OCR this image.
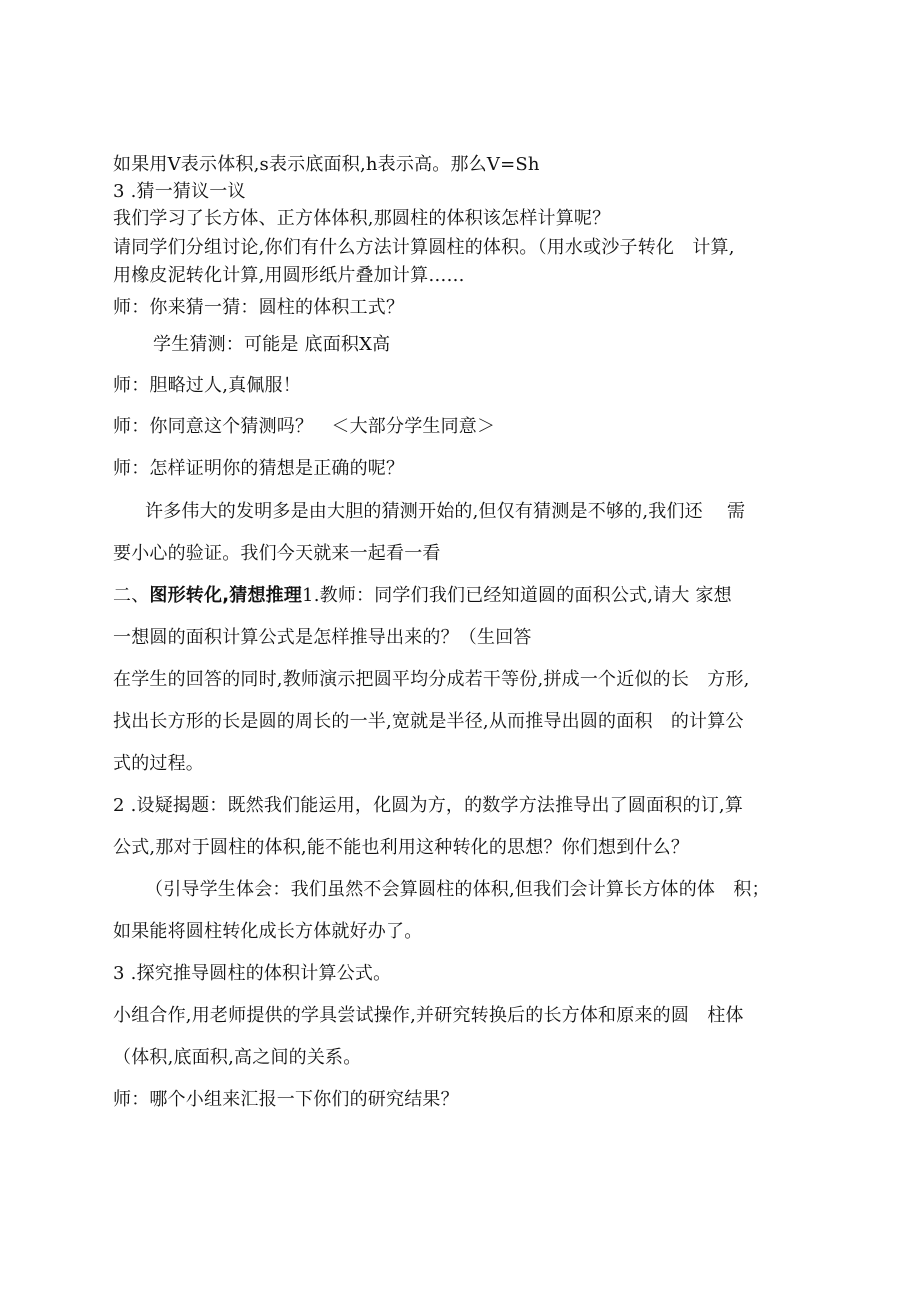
如果用V表示体积,s表示底面积,h表示高。那么V=Sh
3 .猜一猜议一议
我们学习了长方体、正方体体积,那圆柱的体积该怎样计算呢？
请同学们分组讨论,你们有什么方法计算圆柱的体积。（用水或沙子转化　计算,
用橡皮泥转化计算,用圆形纸片叠加计算……
师：你来猜一猜：圆柱的体积工式？
学生猜测：可能是 底面积X高
师：胆略过人,真佩服！
师：你同意这个猜测吗？　＜大部分学生同意＞
师：怎样证明你的猜想是正确的呢？
许多伟大的发明多是由大胆的猜测开始的,但仅有猜测是不够的,我们还　 需
要小心的验证。我们今天就来一起看一看
二、图形转化,猜想推理1.教师：同学们我们已经知道圆的面积公式,请大 家想
一想圆的面积计算公式是怎样推导出来的？（生回答
在学生的回答的同时,教师演示把圆平均分成若干等份,拼成一个近似的长　方形,
找出长方形的长是圆的周长的一半,宽就是半径,从而推导出圆的面积　的计算公
式的过程。
2 .设疑揭题：既然我们能运用，化圆为方，的数学方法推导出了圆面积的订,算
公式,那对于圆柱的体积,能不能也利用这种转化的思想？你们想到什么？
（引导学生体会：我们虽然不会算圆柱的体积,但我们会计算长方体的体　积；
如果能将圆柱转化成长方体就好办了。
3 .探究推导圆柱的体积计算公式。
小组合作,用老师提供的学具尝试操作,并研究转换后的长方体和原来的圆　柱体
（体积,底面积,高之间的关系。
师：哪个小组来汇报一下你们的研究结果？
